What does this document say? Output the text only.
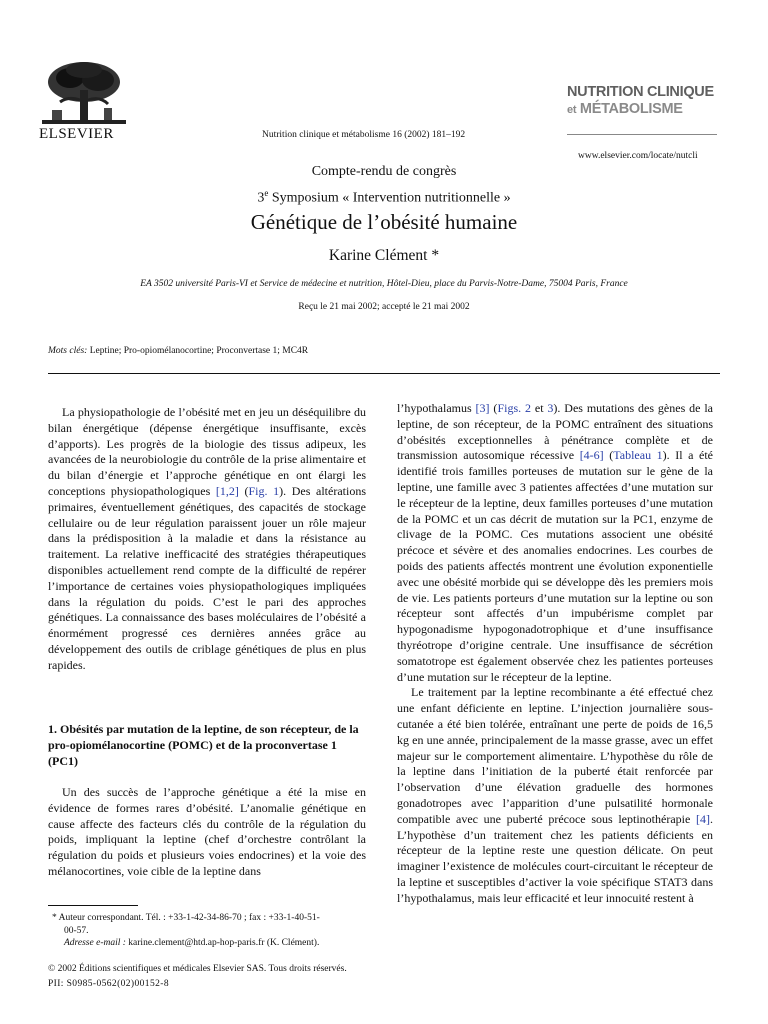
ELSEVIER	Nutrition clinique et métabolisme 16 (2002) 181–192
NUTRITION CLINIQUE
et MÉTABOLISME
www.elsevier.com/locate/nutcli
Compte-rendu de congrès
3e Symposium « Intervention nutritionnelle »
Génétique de l’obésité humaine
Karine Clément *
EA 3502 université Paris-VI et Service de médecine et nutrition, Hôtel-Dieu, place du Parvis-Notre-Dame, 75004 Paris, France
Reçu le 21 mai 2002; accepté le 21 mai 2002
Mots clés: Leptine; Pro-opiomélanocortine; Proconvertase 1; MC4R

La physiopathologie de l’obésité met en jeu un déséquilibre du bilan énergétique (dépense énergétique insuffisante, excès d’apports). Les progrès de la biologie des tissus adipeux, les avancées de la neurobiologie du contrôle de la prise alimentaire et du bilan d’énergie et l’approche génétique en ont élargi les conceptions physiopathologiques [1,2] (Fig. 1). Des altérations primaires, éventuellement génétiques, des capacités de stockage cellulaire ou de leur régulation paraissent jouer un rôle majeur dans la prédisposition à la maladie et dans la résistance au traitement. La relative inefficacité des stratégies thérapeutiques disponibles actuellement rend compte de la difficulté de repérer l’importance de certaines voies physiopathologiques impliquées dans la régulation du poids. C’est le pari des approches génétiques. La connaissance des bases moléculaires de l’obésité a énormément progressé ces dernières années grâce au développement des outils de criblage génétiques de plus en plus rapides.

1. Obésités par mutation de la leptine, de son récepteur, de la pro-opiomélanocortine (POMC) et de la proconvertase 1 (PC1)

Un des succès de l’approche génétique a été la mise en évidence de formes rares d’obésité. L’anomalie génétique en cause affecte des facteurs clés du contrôle de la régulation du poids, impliquant la leptine (chef d’orchestre contrôlant la régulation du poids et plusieurs voies endocrines) et la voie des mélanocortines, voie cible de la leptine dans

* Auteur correspondant. Tél. : +33-1-42-34-86-70 ; fax : +33-1-40-51-
00-57.
Adresse e-mail : karine.clement@htd.ap-hop-paris.fr (K. Clément).
© 2002 Éditions scientifiques et médicales Elsevier SAS. Tous droits réservés.
PII: S0985-0562(02)00152-8

l’hypothalamus [3] (Figs. 2 et 3). Des mutations des gènes de la leptine, de son récepteur, de la POMC entraînent des situations d’obésités exceptionnelles à pénétrance complète et de transmission autosomique récessive [4-6] (Tableau 1). Il a été identifié trois familles porteuses de mutation sur le gène de la leptine, une famille avec 3 patientes affectées d’une mutation sur le récepteur de la leptine, deux familles porteuses d’une mutation de la POMC et un cas décrit de mutation sur la PC1, enzyme de clivage de la POMC. Ces mutations associent une obésité précoce et sévère et des anomalies endocrines. Les courbes de poids des patients affectés montrent une évolution exponentielle avec une obésité morbide qui se développe dès les premiers mois de vie. Les patients porteurs d’une mutation sur la leptine ou son récepteur sont affectés d’un impubérisme complet par hypogonadisme hypogonadotrophique et d’une insuffisance thyréotrope d’origine centrale. Une insuffisance de sécrétion somatotrope est également observée chez les patientes porteuses d’une mutation sur le récepteur de la leptine.

Le traitement par la leptine recombinante a été effectué chez une enfant déficiente en leptine. L’injection journalière sous-cutanée a été bien tolérée, entraînant une perte de poids de 16,5 kg en une année, principalement de la masse grasse, avec un effet majeur sur le comportement alimentaire. L’hypothèse du rôle de la leptine dans l’initiation de la puberté était renforcée par l’observation d’une élévation graduelle des hormones gonadotropes avec l’apparition d’une pulsatilité hormonale compatible avec une puberté précoce sous leptinothérapie [4]. L’hypothèse d’un traitement chez les patients déficients en récepteur de la leptine reste une question délicate. On peut imaginer l’existence de molécules court-circuitant le récepteur de la leptine et susceptibles d’activer la voie spécifique STAT3 dans l’hypothalamus, mais leur efficacité et leur innocuité restent à
